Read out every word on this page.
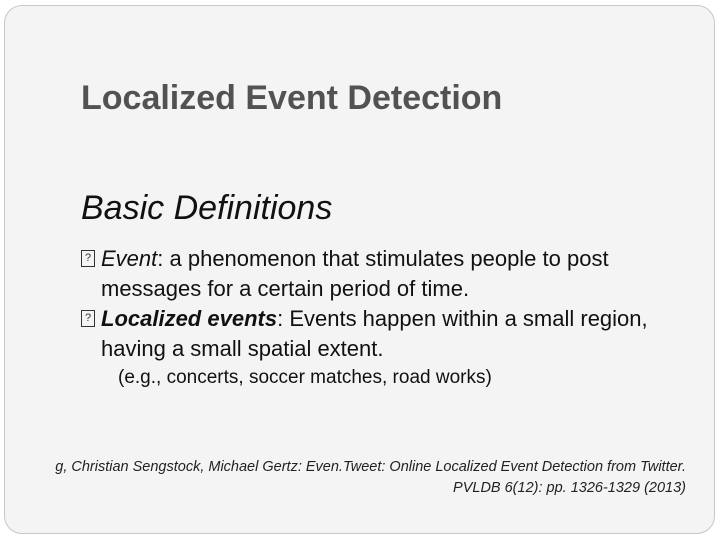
Localized Event Detection
Basic Definitions
? Event: a phenomenon that stimulates people to post messages for a certain period of time.
? Localized events: Events happen within a small region, having a small spatial extent.
(e.g., concerts, soccer matches, road works)
g, Christian Sengstock, Michael Gertz: Even.Tweet: Online Localized Event Detection from Twitter.
PVLDB 6(12): pp. 1326-1329 (2013)
